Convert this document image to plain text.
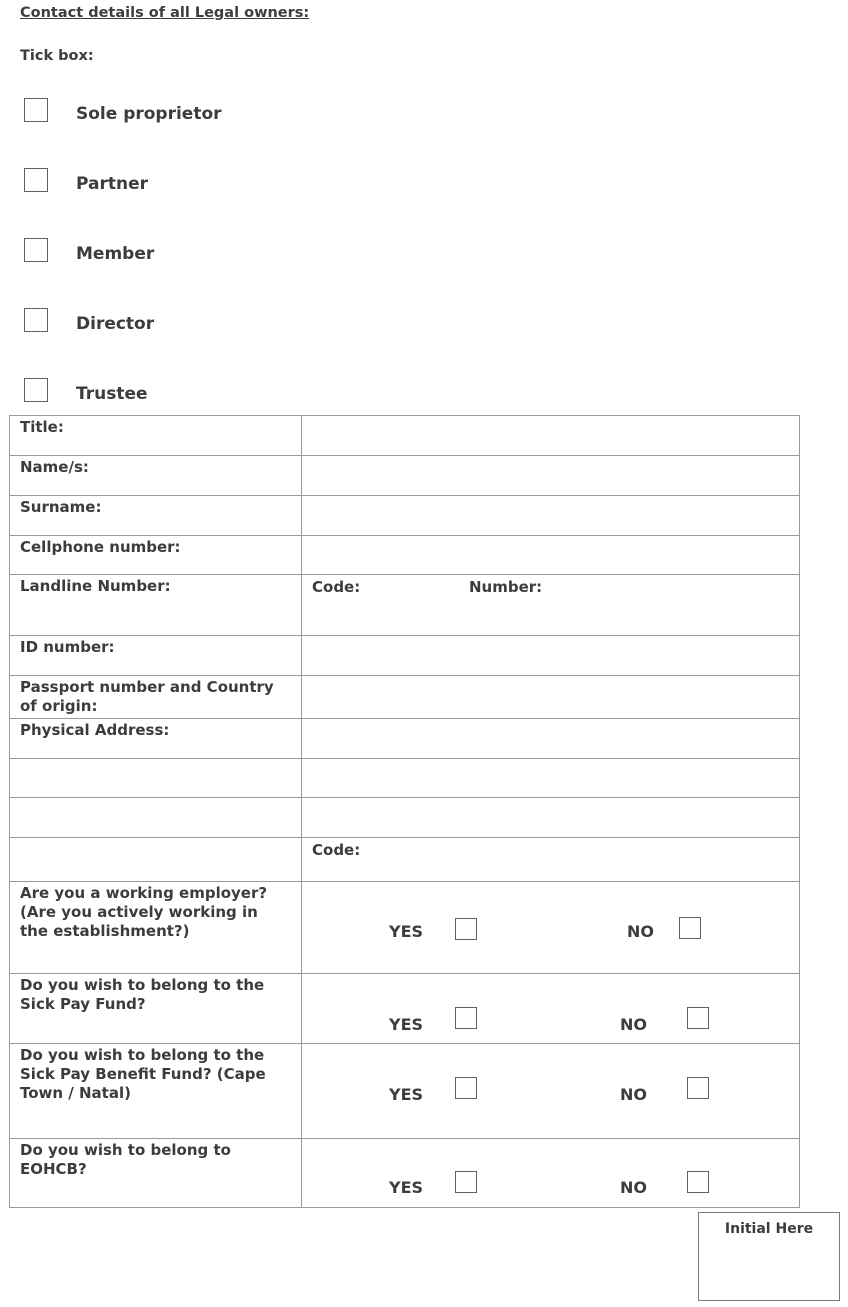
Contact details of all Legal owners:
Tick box:
Sole proprietor
Partner
Member
Director
Trustee
Title:	
Name/s:	
Surname:	
Cellphone number:	
Landline Number:	Code: Number:

ID number:	
Passport number and Country of origin:	
Physical Address:	

	Code:

Are you a working employer? (Are you actively working in the establishment?)	YES NO

Do you wish to belong to the Sick Pay Fund?	YES NO

Do you wish to belong to the Sick Pay Benefit Fund? (Cape Town / Natal)	YES NO

Do you wish to belong to EOHCB?	YES NO
Initial Here
